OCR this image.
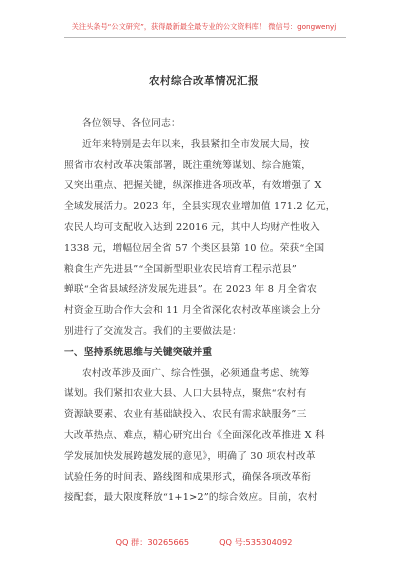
关注头条号“公文研究”，获得最新最全最专业的公文资料库！ 微信号：gongwenyj
农村综合改革情况汇报
各位领导、各位同志：
近年来特别是去年以来，我县紧扣全市发展大局，按
照省市农村改革决策部署，既注重统筹谋划、综合施策，
又突出重点、把握关键，纵深推进各项改革，有效增强了 X
全域发展活力。2023 年，全县实现农业增加值 171.2 亿元，
农民人均可支配收入达到 22016 元，其中人均财产性收入
1338 元，增幅位居全省 57 个类区县第 10 位。荣获“全国
粮食生产先进县”“全国新型职业农民培育工程示范县”
蝉联“全省县域经济发展先进县”。在 2023 年 8 月全省农
村资金互助合作大会和 11 月全省深化农村改革座谈会上分
别进行了交流发言。我们的主要做法是：
一、坚持系统思维与关键突破并重
农村改革涉及面广、综合性强，必须通盘考虑、统筹
谋划。我们紧扣农业大县、人口大县特点，聚焦“农村有
资源缺要素、农业有基础缺投入、农民有需求缺服务”三
大改革热点、难点，精心研究出台《全面深化改革推进 X 科
学发展加快发展跨越发展的意见》，明确了 30 项农村改革
试验任务的时间表、路线图和成果形式，确保各项改革衔
接配套，最大限度释放“1+1>2”的综合效应。目前，农村
QQ 群：30265665	QQ 号:535304092
